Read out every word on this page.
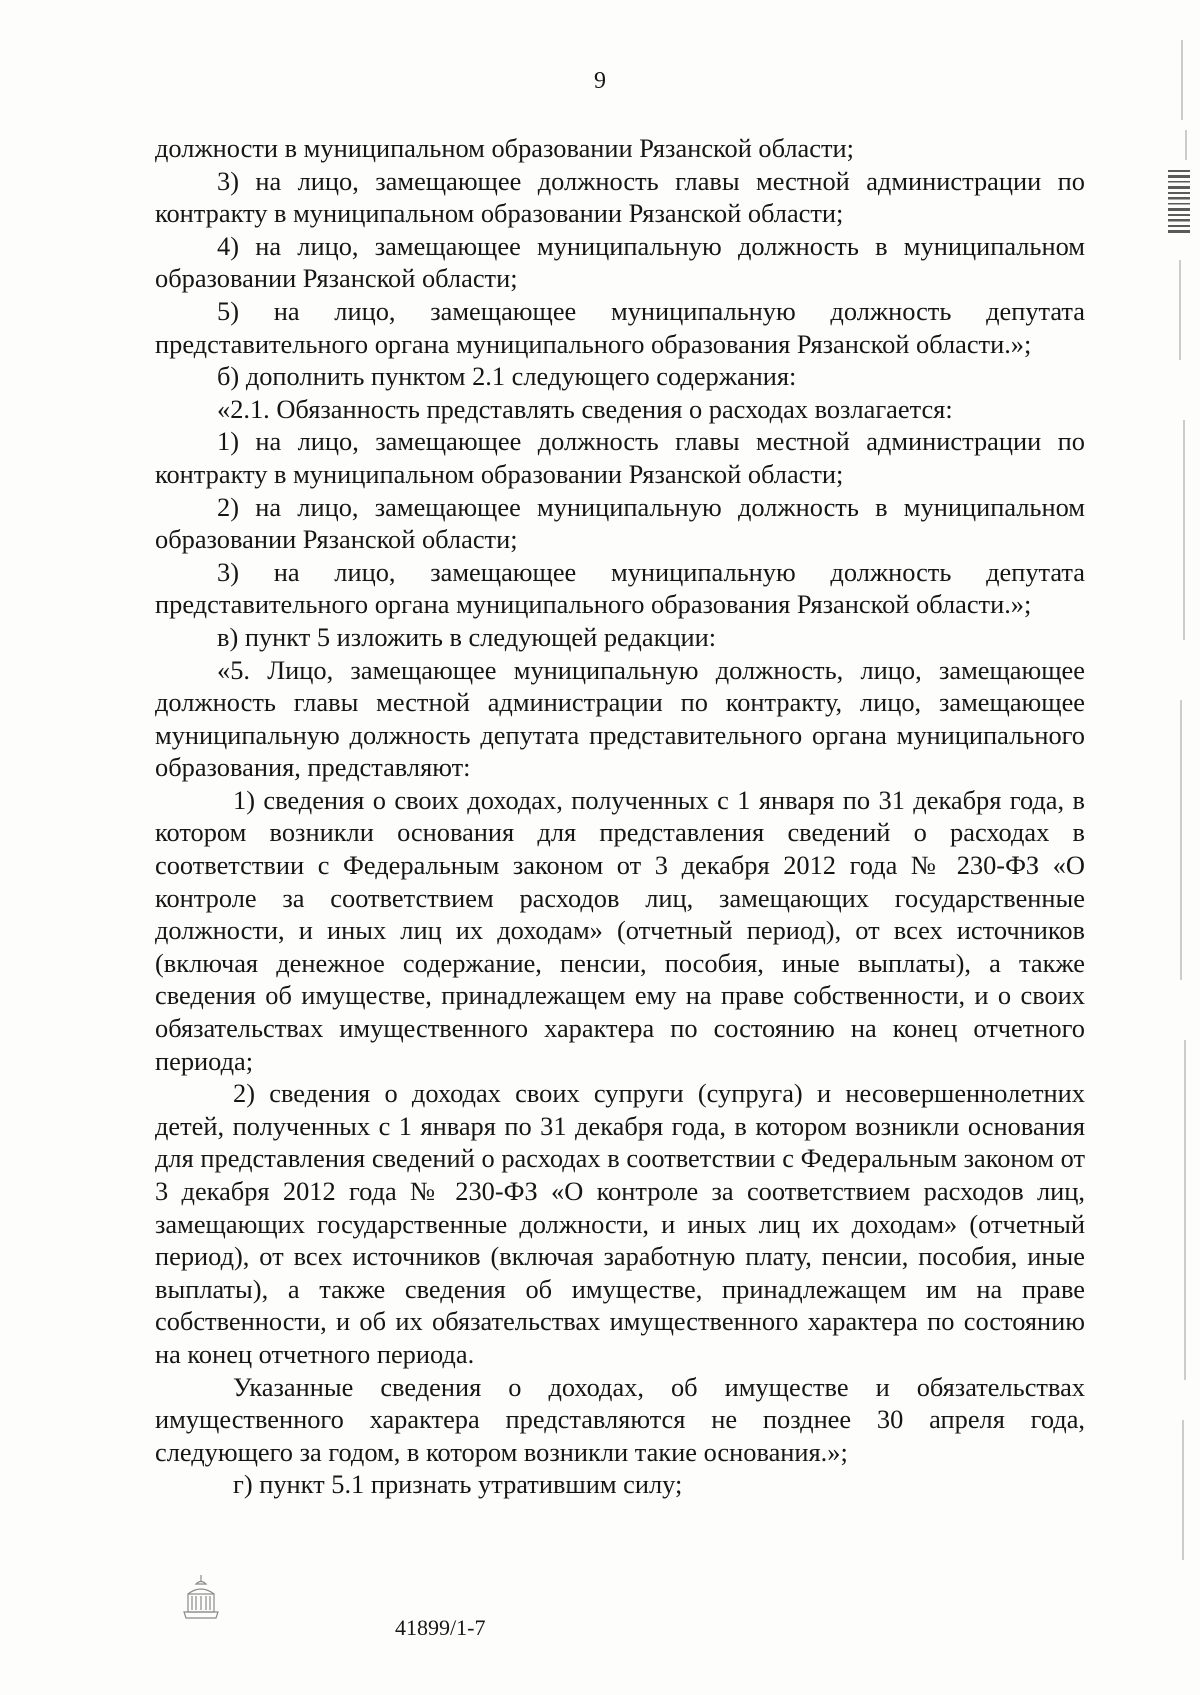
9

должности в муниципальном образовании Рязанской области;

3) на лицо, замещающее должность главы местной администрации по контракту в муниципальном образовании Рязанской области;

4) на лицо, замещающее муниципальную должность в муниципальном образовании Рязанской области;

5) на лицо, замещающее муниципальную должность депутата представительного органа муниципального образования Рязанской области.»;

б) дополнить пунктом 2.1 следующего содержания:

«2.1. Обязанность представлять сведения о расходах возлагается:

1) на лицо, замещающее должность главы местной администрации по контракту в муниципальном образовании Рязанской области;

2) на лицо, замещающее муниципальную должность в муниципальном образовании Рязанской области;

3) на лицо, замещающее муниципальную должность депутата представительного органа муниципального образования Рязанской области.»;

в) пункт 5 изложить в следующей редакции:

«5. Лицо, замещающее муниципальную должность, лицо, замещающее должность главы местной администрации по контракту, лицо, замещающее муниципальную должность депутата представительного органа муниципального образования, представляют:

1) сведения о своих доходах, полученных с 1 января по 31 декабря года, в котором возникли основания для представления сведений о расходах в соответствии с Федеральным законом от 3 декабря 2012 года № 230-ФЗ «О контроле за соответствием расходов лиц, замещающих государственные должности, и иных лиц их доходам» (отчетный период), от всех источников (включая денежное содержание, пенсии, пособия, иные выплаты), а также сведения об имуществе, принадлежащем ему на праве собственности, и о своих обязательствах имущественного характера по состоянию на конец отчетного периода;

2) сведения о доходах своих супруги (супруга) и несовершеннолетних детей, полученных с 1 января по 31 декабря года, в котором возникли основания для представления сведений о расходах в соответствии с Федеральным законом от 3 декабря 2012 года № 230-ФЗ «О контроле за соответствием расходов лиц, замещающих государственные должности, и иных лиц их доходам» (отчетный период), от всех источников (включая заработную плату, пенсии, пособия, иные выплаты), а также сведения об имуществе, принадлежащем им на праве собственности, и об их обязательствах имущественного характера по состоянию на конец отчетного периода.

Указанные сведения о доходах, об имуществе и обязательствах имущественного характера представляются не позднее 30 апреля года, следующего за годом, в котором возникли такие основания.»;

г) пункт 5.1 признать утратившим силу;

41899/1-7
